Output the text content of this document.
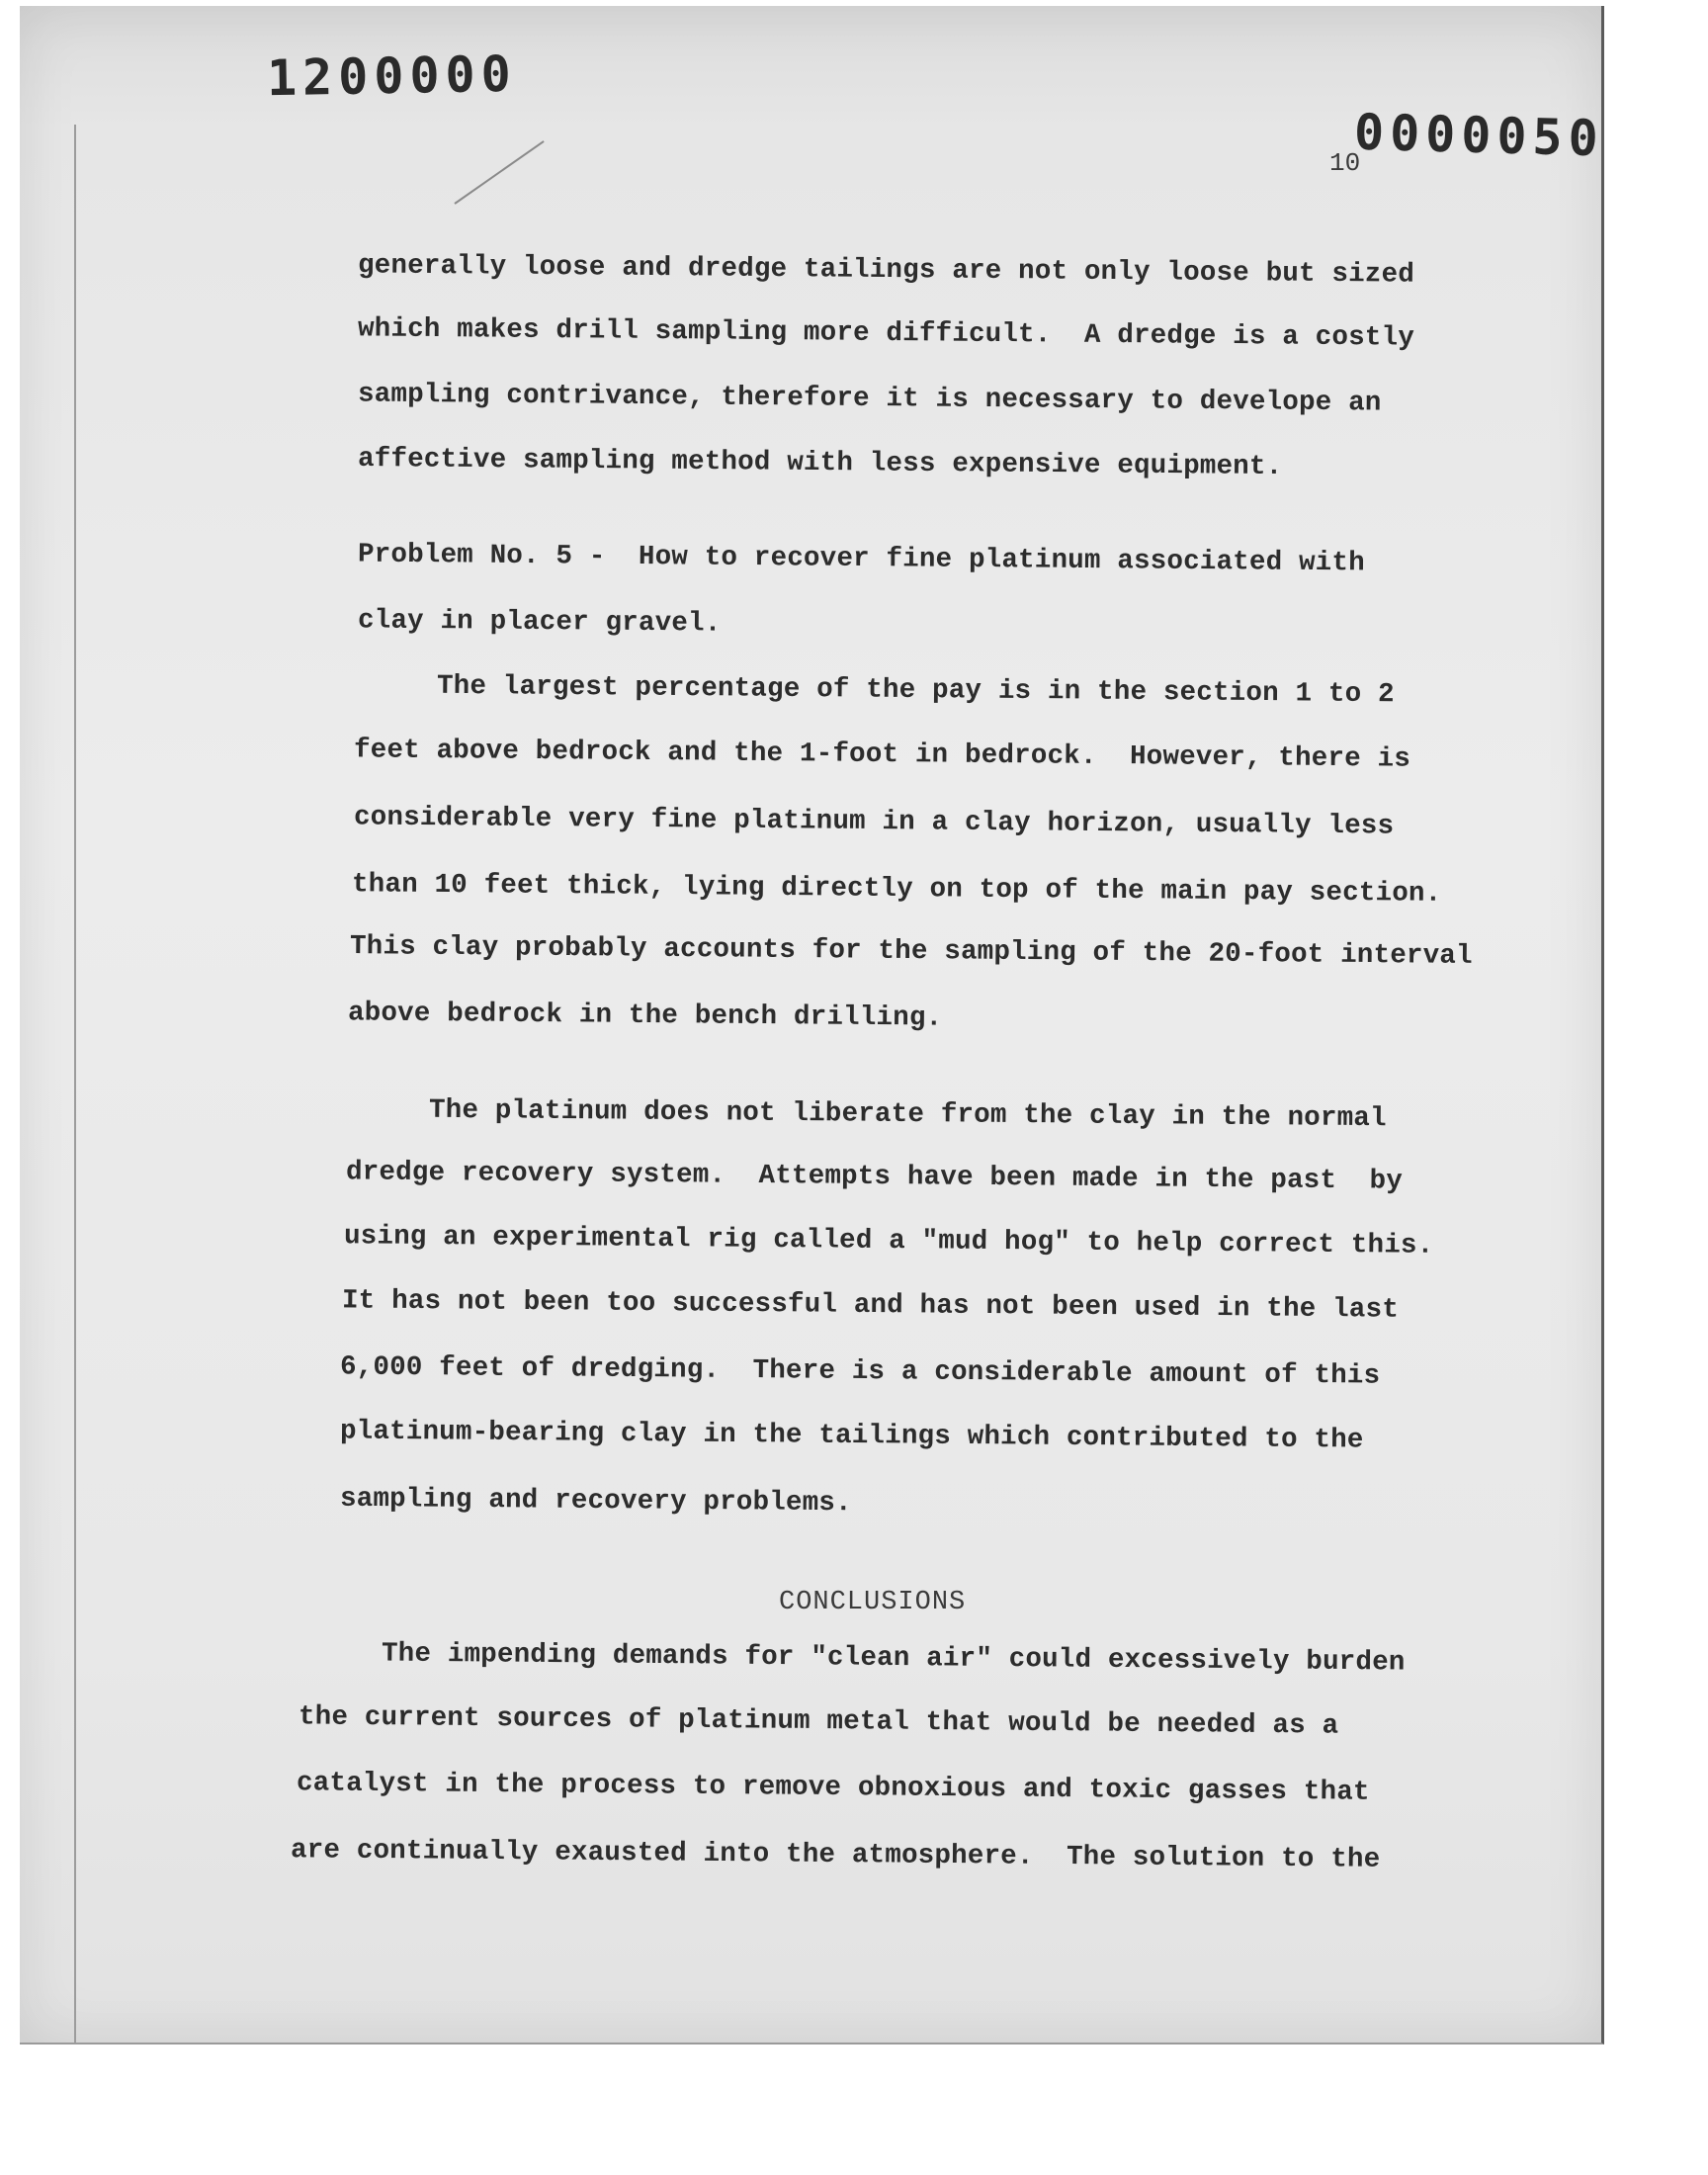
1200000
0000050
10
generally loose and dredge tailings are not only loose but sized
which makes drill sampling more difficult.  A dredge is a costly
sampling contrivance, therefore it is necessary to develope an
affective sampling method with less expensive equipment.
Problem No. 5 -  How to recover fine platinum associated with
clay in placer gravel.
The largest percentage of the pay is in the section 1 to 2
feet above bedrock and the 1-foot in bedrock.  However, there is
considerable very fine platinum in a clay horizon, usually less
than 10 feet thick, lying directly on top of the main pay section.
This clay probably accounts for the sampling of the 20-foot interval
above bedrock in the bench drilling.
The platinum does not liberate from the clay in the normal
dredge recovery system.  Attempts have been made in the past  by
using an experimental rig called a "mud hog" to help correct this.
It has not been too successful and has not been used in the last
6,000 feet of dredging.  There is a considerable amount of this
platinum-bearing clay in the tailings which contributed to the
sampling and recovery problems.
CONCLUSIONS
The impending demands for "clean air" could excessively burden
the current sources of platinum metal that would be needed as a
catalyst in the process to remove obnoxious and toxic gasses that
are continually exausted into the atmosphere.  The solution to the
